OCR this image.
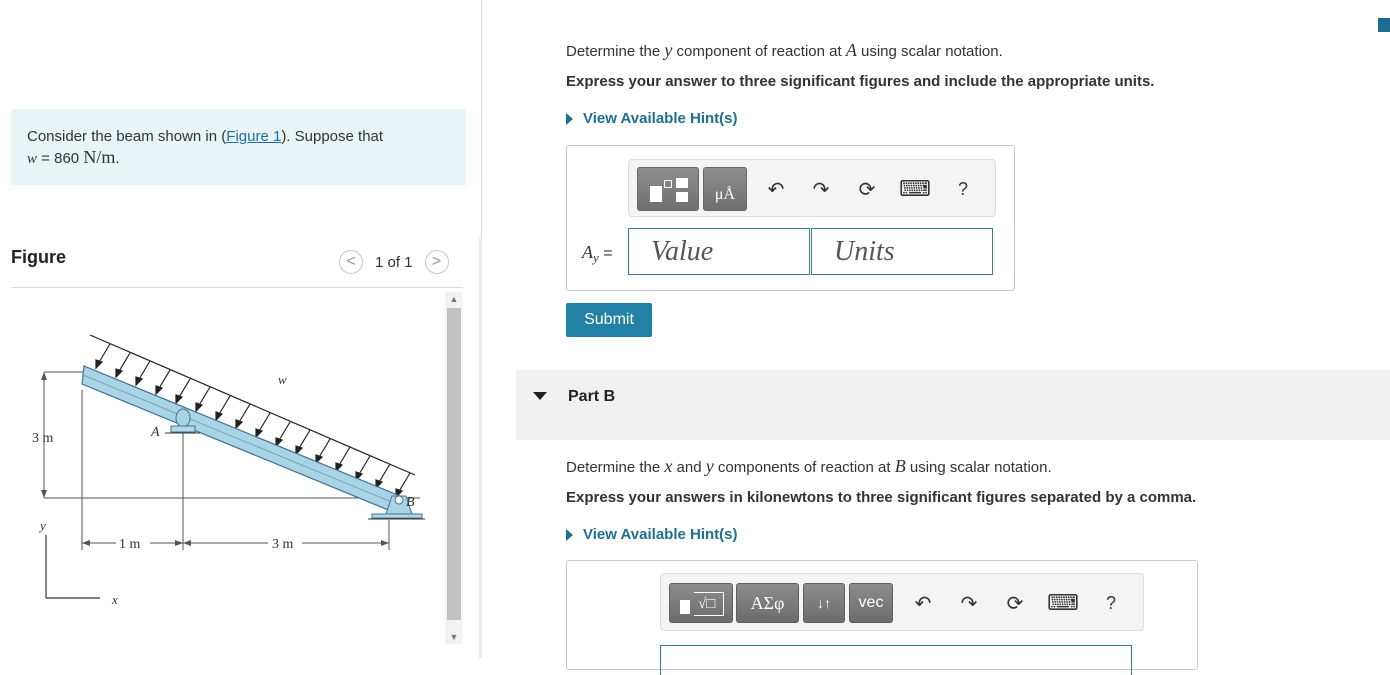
Consider the beam shown in (Figure 1). Suppose that
w = 860 N/m.
Figure	< 1 of 1 >
w
A
B
3 m
y
x
1 m	3 m
▲
▼
Determine the y component of reaction at A using scalar notation.
Express your answer to three significant figures and include the appropriate units.
View Available Hint(s)
μÅ ↶ ↷ ⟳ ⌨	?
$A_y$ =	Value	Units
Submit
Part B
Determine the x and y components of reaction at B using scalar notation.
Express your answers in kilonewtons to three significant figures separated by a comma.
View Available Hint(s)
√□	ΑΣφ ↓↑ vec ↶ ↷ ⟳ ⌨	?
